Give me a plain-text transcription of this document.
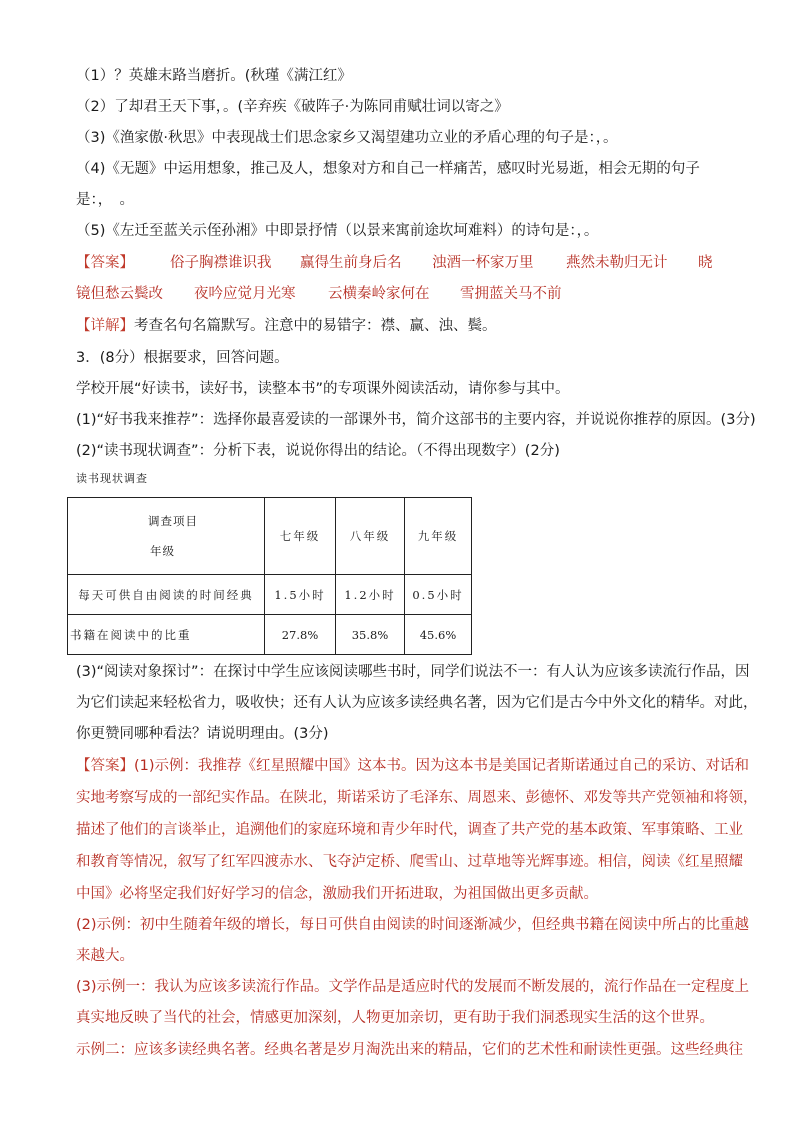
（1）？英雄末路当磨折。(秋瑾《满江红》
（2）了却君王天下事，。(辛弃疾《破阵子·为陈同甫赋壮词以寄之》
（3)《渔家傲·秋思》中表现战士们思念家乡又渴望建功立业的矛盾心理的句子是：，。
（4)《无题》中运用想象，推己及人，想象对方和自己一样痛苦，感叹时光易逝，相会无期的句子
是：，　。
（5)《左迁至蓝关示侄孙湘》中即景抒情（以景来寓前途坎坷难料）的诗句是：，。
【答案】 俗子胸襟谁识我 赢得生前身后名 浊酒一杯家万里 燕然未勒归无计 晓
镜但愁云鬓改 夜吟应觉月光寒 云横秦岭家何在 雪拥蓝关马不前
【详解】考查名句名篇默写。注意中的易错字：襟、赢、浊、鬓。
3．(8分）根据要求，回答问题。
学校开展“好读书，读好书，读整本书”的专项课外阅读活动，请你参与其中。
(1)“好书我来推荐”：选择你最喜爱读的一部课外书，简介这部书的主要内容，并说说你推荐的原因。(3分)
(2)“读书现状调查”：分析下表，说说你得出的结论。（不得出现数字）(2分)
读书现状调查
调查项目
年级	七年级	八年级	九年级
每天可供自由阅读的时间经典	1.5小时	1.2小时	0.5小时
书籍在阅读中的比重	27.8%	35.8%	45.6%
(3)“阅读对象探讨”：在探讨中学生应该阅读哪些书时，同学们说法不一：有人认为应该多读流行作品，因
为它们读起来轻松省力，吸收快；还有人认为应该多读经典名著，因为它们是古今中外文化的精华。对此，
你更赞同哪种看法？请说明理由。(3分)
【答案】(1)示例：我推荐《红星照耀中国》这本书。因为这本书是美国记者斯诺通过自己的采访、对话和
实地考察写成的一部纪实作品。在陕北，斯诺采访了毛泽东、周恩来、彭德怀、邓发等共产党领袖和将领，
描述了他们的言谈举止，追溯他们的家庭环境和青少年时代，调查了共产党的基本政策、军事策略、工业
和教育等情况，叙写了红军四渡赤水、飞夺泸定桥、爬雪山、过草地等光辉事迹。相信，阅读《红星照耀
中国》必将坚定我们好好学习的信念，激励我们开拓进取，为祖国做出更多贡献。
(2)示例：初中生随着年级的增长，每日可供自由阅读的时间逐渐减少，但经典书籍在阅读中所占的比重越
来越大。
(3)示例一：我认为应该多读流行作品。文学作品是适应时代的发展而不断发展的，流行作品在一定程度上
真实地反映了当代的社会，情感更加深刻，人物更加亲切，更有助于我们洞悉现实生活的这个世界。
示例二：应该多读经典名著。经典名著是岁月淘洗出来的精品，它们的艺术性和耐读性更强。这些经典往
